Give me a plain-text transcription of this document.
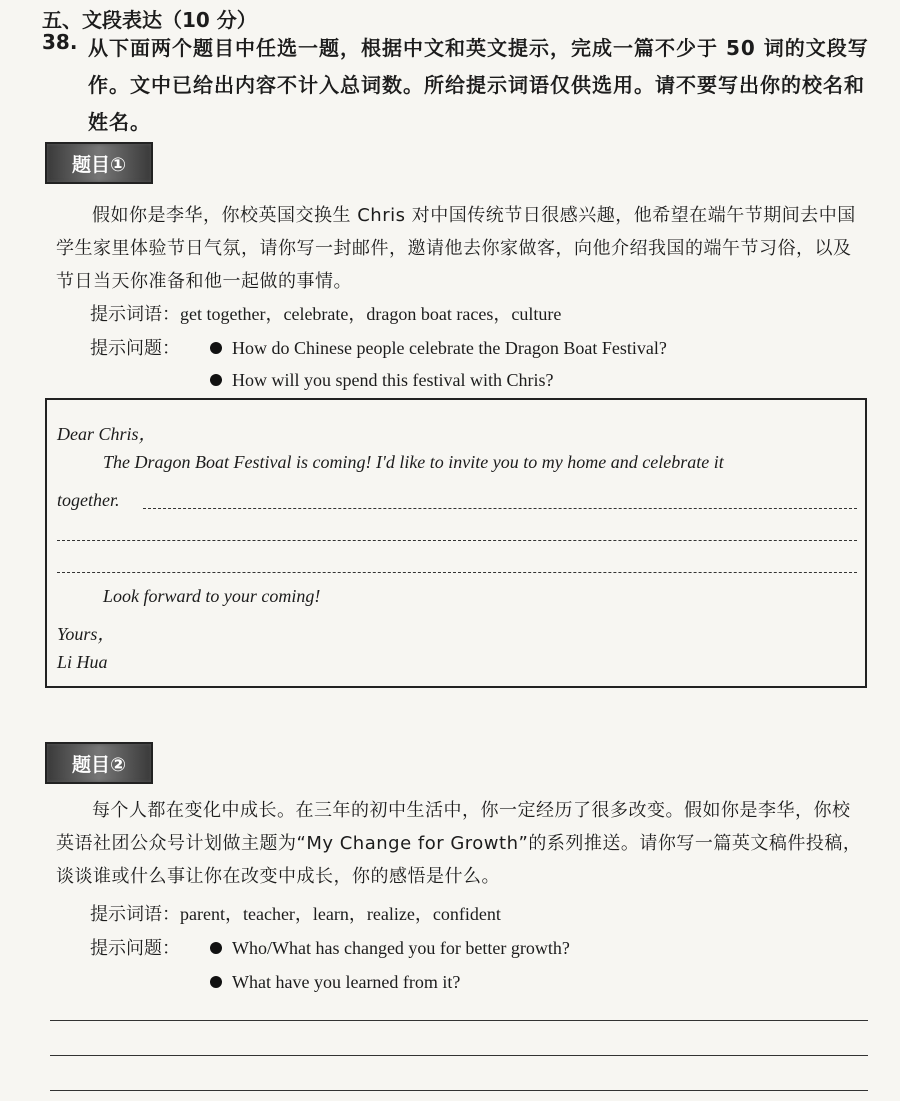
五、文段表达（10 分）
38. 从下面两个题目中任选一题，根据中文和英文提示，完成一篇不少于 50 词的文段写作。文中已给出内容不计入总词数。所给提示词语仅供选用。请不要写出你的校名和姓名。
题目①
假如你是李华，你校英国交换生 Chris 对中国传统节日很感兴趣，他希望在端午节期间去中国学生家里体验节日气氛，请你写一封邮件，邀请他去你家做客，向他介绍我国的端午节习俗，以及节日当天你准备和他一起做的事情。
提示词语：get together，celebrate，dragon boat races，culture
提示问题：	How do Chinese people celebrate the Dragon Boat Festival?
How will you spend this festival with Chris?
Dear Chris，
The Dragon Boat Festival is coming! I'd like to invite you to my home and celebrate it
together.
Look forward to your coming!
Yours，
Li Hua
题目②
每个人都在变化中成长。在三年的初中生活中，你一定经历了很多改变。假如你是李华，你校英语社团公众号计划做主题为“My Change for Growth”的系列推送。请你写一篇英文稿件投稿，谈谈谁或什么事让你在改变中成长，你的感悟是什么。
提示词语：parent，teacher，learn，realize，confident
提示问题：	Who/What has changed you for better growth?
What have you learned from it?
